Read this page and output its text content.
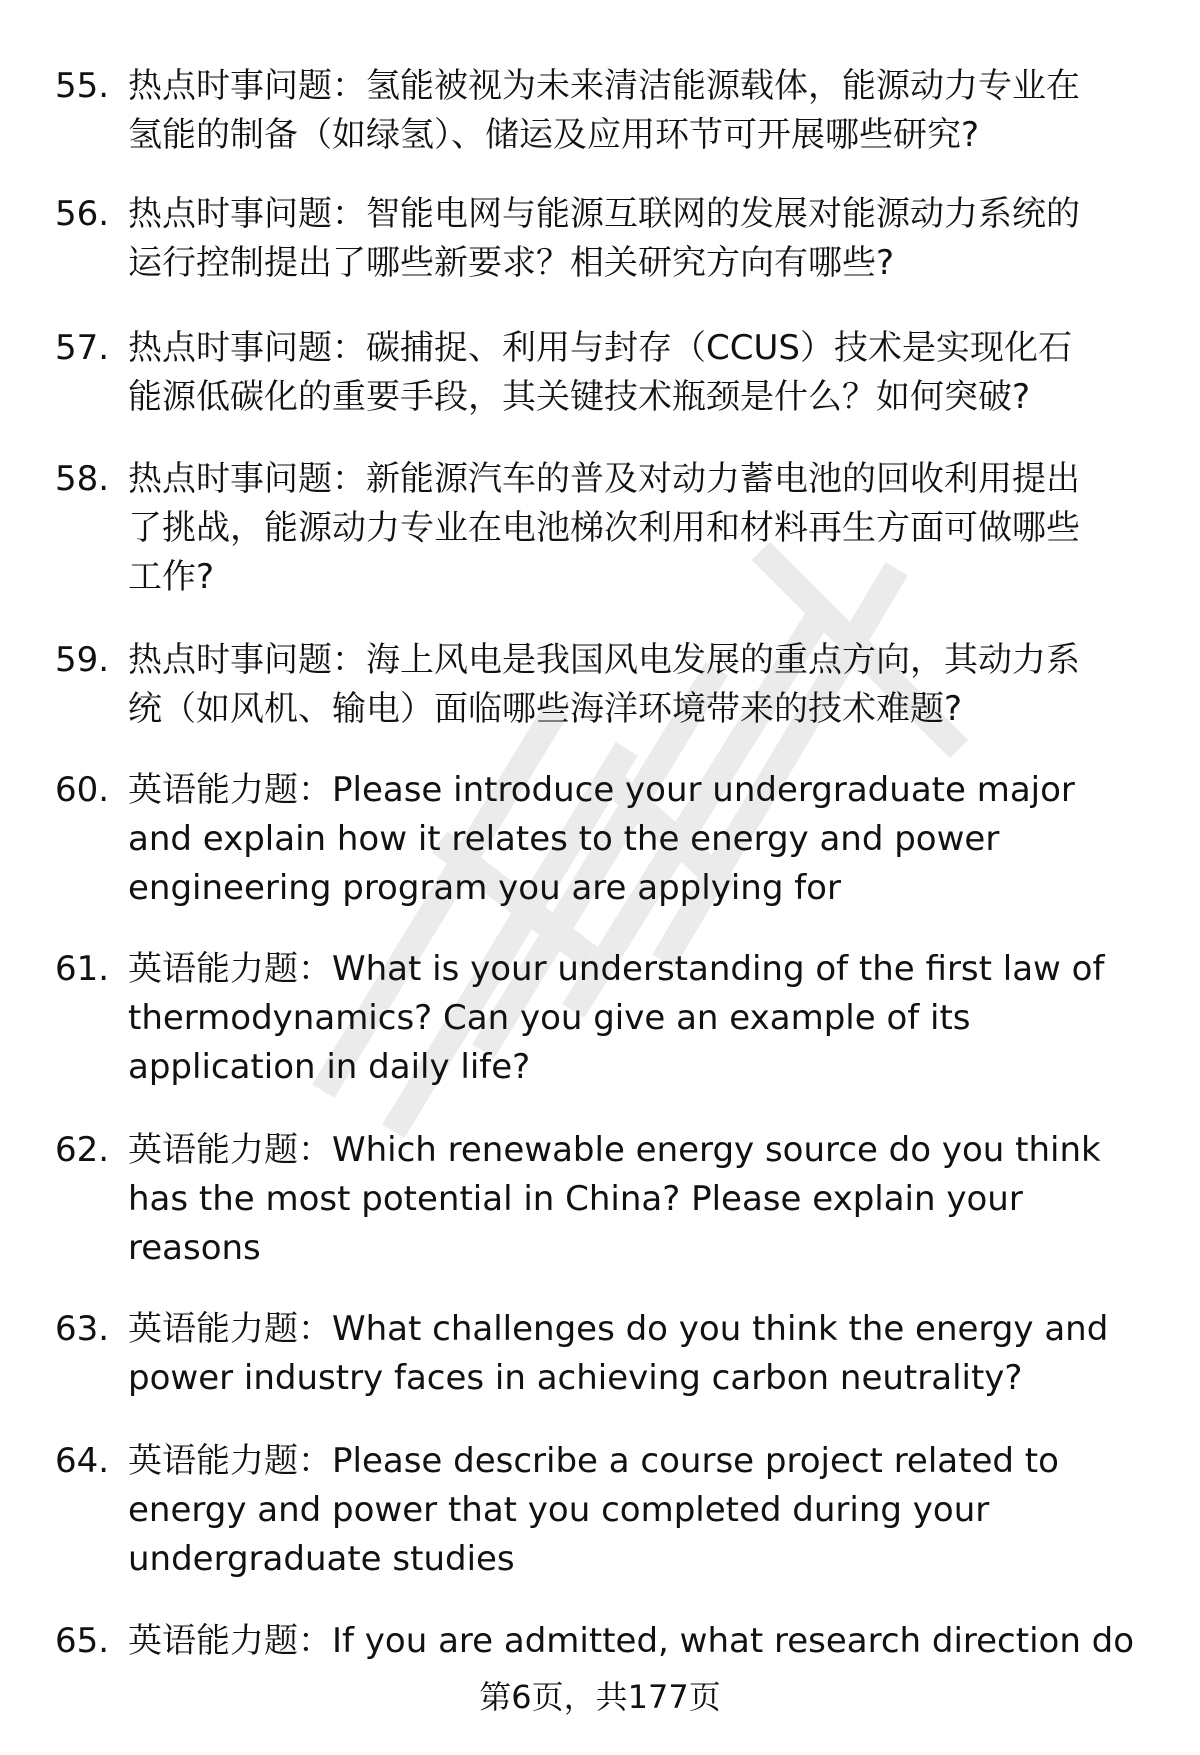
55. 热点时事问题：氢能被视为未来清洁能源载体，能源动力专业在
氢能的制备（如绿氢）、储运及应用环节可开展哪些研究?
56. 热点时事问题：智能电网与能源互联网的发展对能源动力系统的
运行控制提出了哪些新要求？相关研究方向有哪些?
57. 热点时事问题：碳捕捉、利用与封存（CCUS）技术是实现化石
能源低碳化的重要手段，其关键技术瓶颈是什么？如何突破?
58. 热点时事问题：新能源汽车的普及对动力蓄电池的回收利用提出
了挑战，能源动力专业在电池梯次利用和材料再生方面可做哪些
工作?
59. 热点时事问题：海上风电是我国风电发展的重点方向，其动力系
统（如风机、输电）面临哪些海洋环境带来的技术难题?
60. 英语能力题：Please introduce your undergraduate major
and explain how it relates to the energy and power
engineering program you are applying for
61. 英语能力题：What is your understanding of the first law of
thermodynamics? Can you give an example of its
application in daily life?
62. 英语能力题：Which renewable energy source do you think
has the most potential in China? Please explain your
reasons
63. 英语能力题：What challenges do you think the energy and
power industry faces in achieving carbon neutrality?
64. 英语能力题：Please describe a course project related to
energy and power that you completed during your
undergraduate studies
65. 英语能力题：If you are admitted, what research direction do
第6页，共177页
